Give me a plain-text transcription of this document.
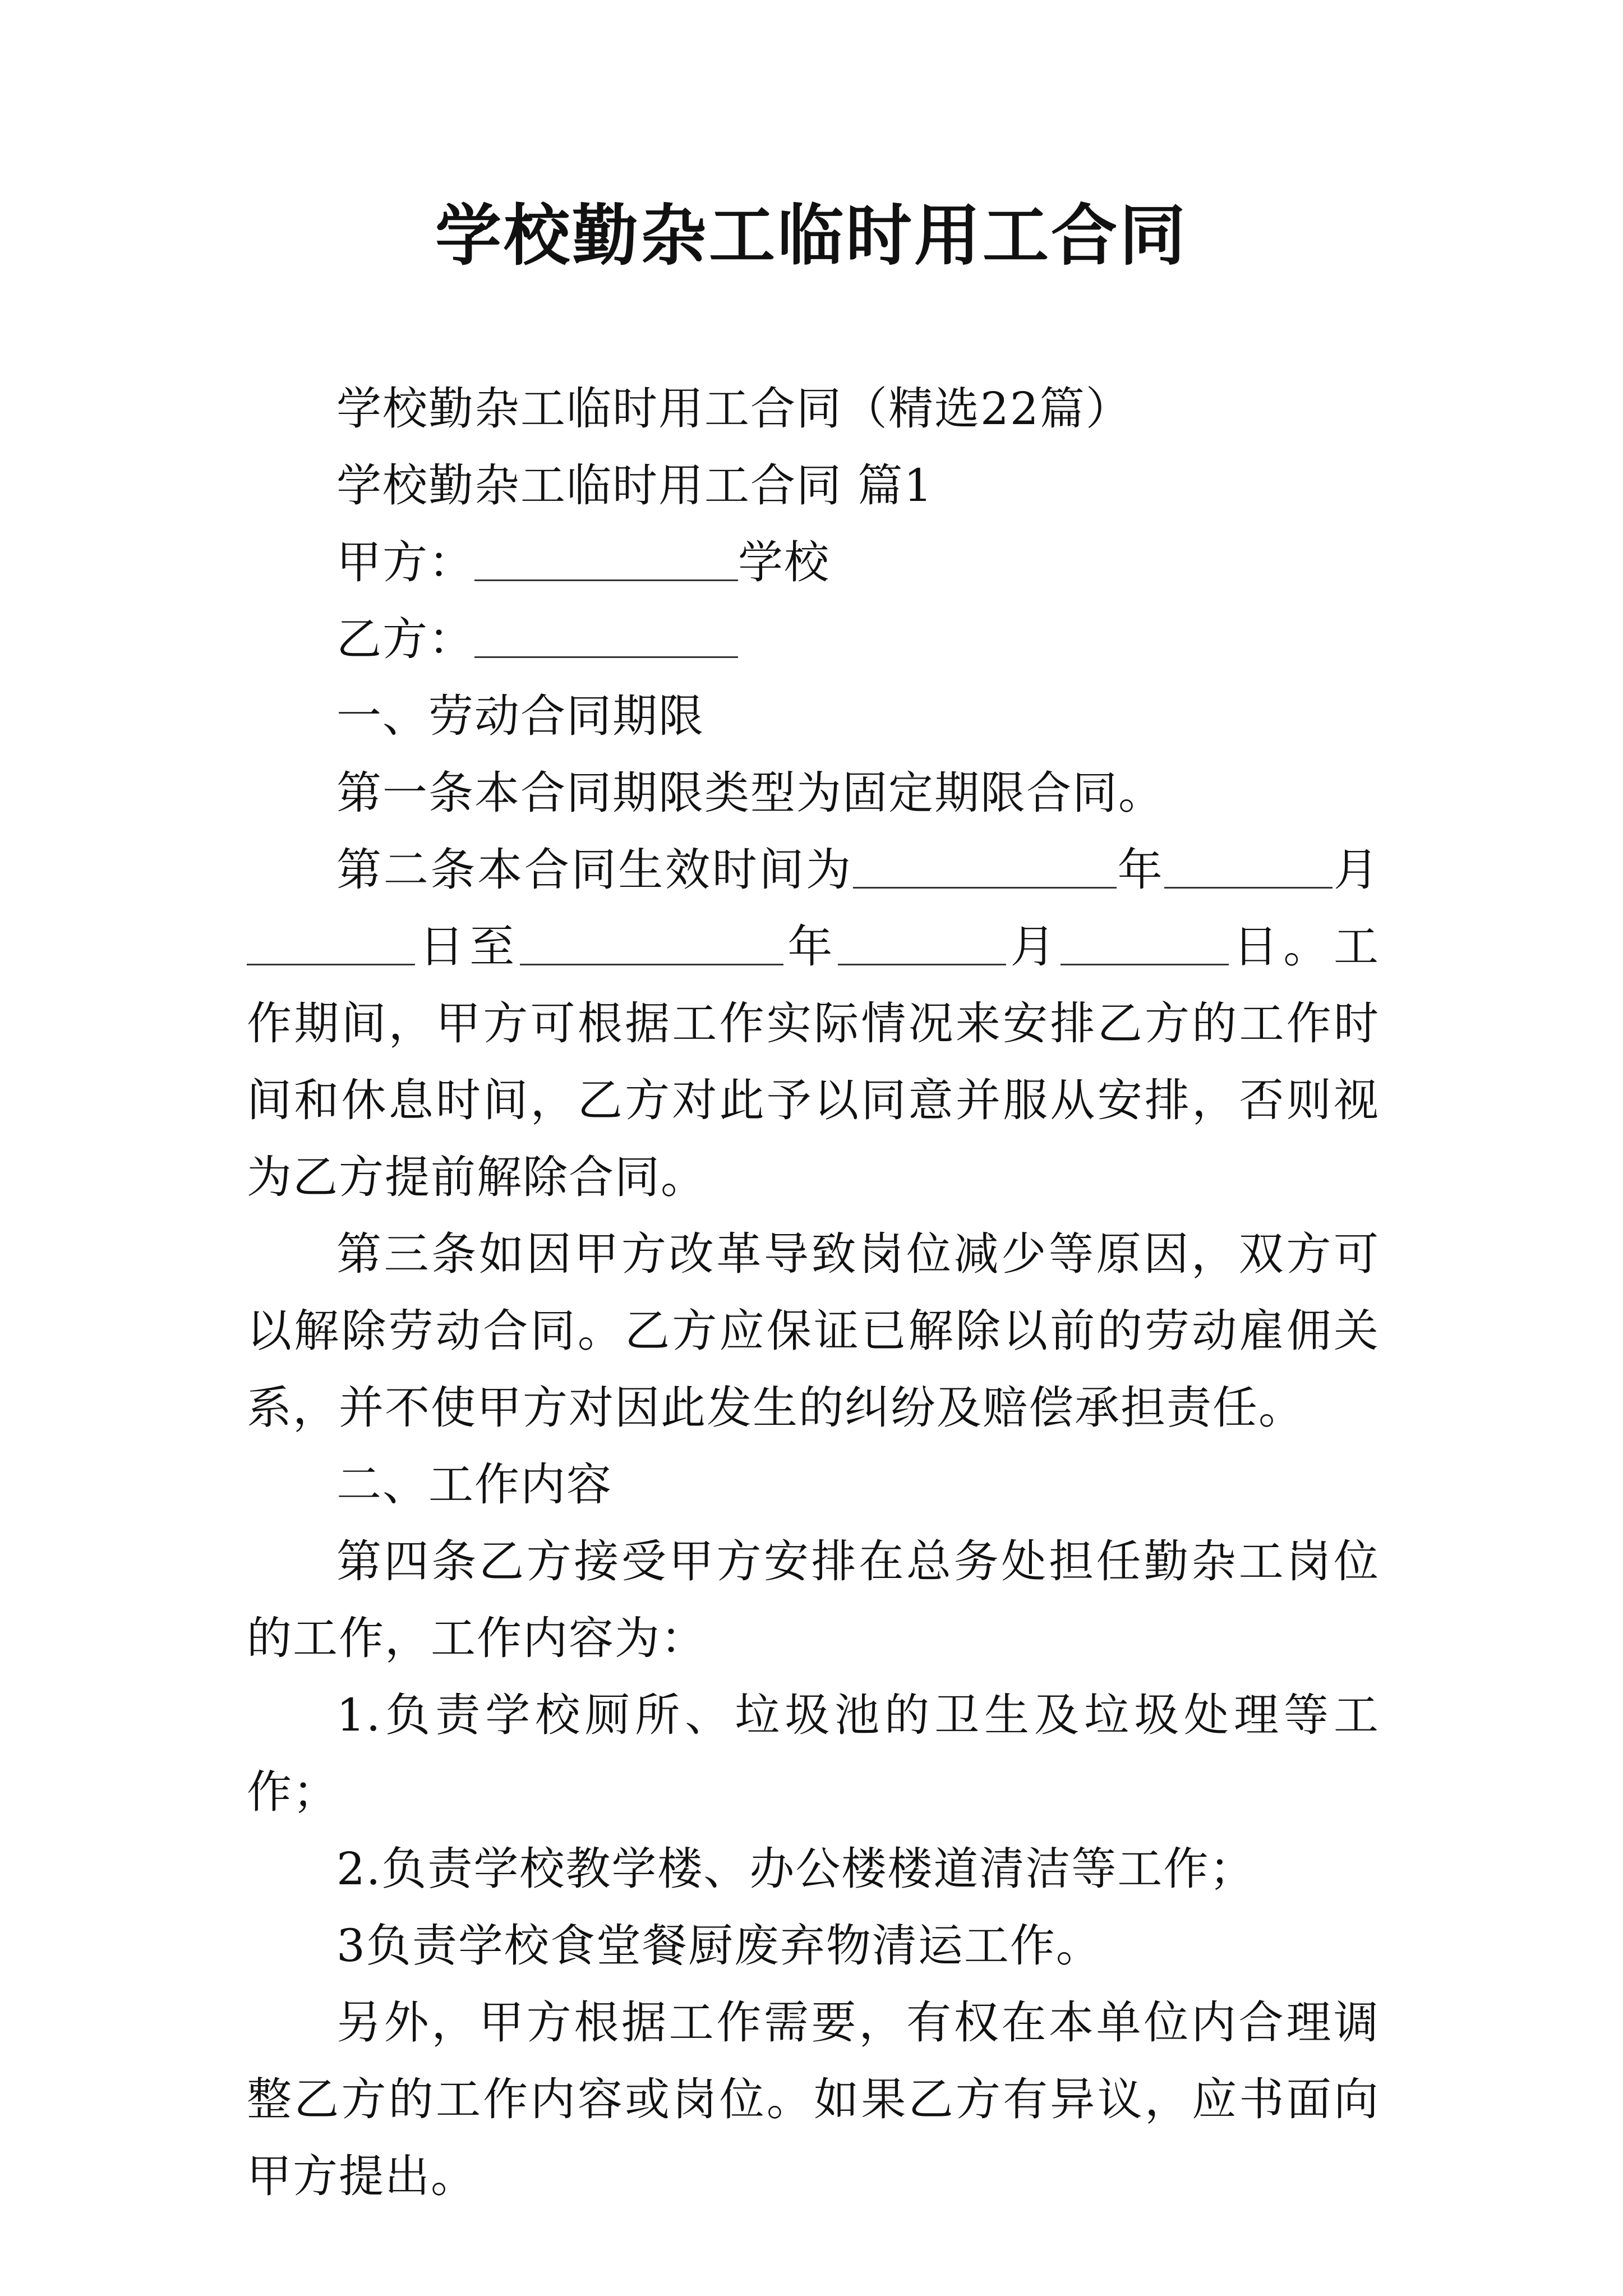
学校勤杂工临时用工合同

学校勤杂工临时用工合同（精选22篇）

学校勤杂工临时用工合同 篇1

甲方：	学校

乙方：

一、劳动合同期限

第一条本合同期限类型为固定期限合同。

第二条本合同生效时间为	年	月日至	年	月	日。工作期间，甲方可根据工作实际情况来安排乙方的工作时间和休息时间，乙方对此予以同意并服从安排，否则视为乙方提前解除合同。

第三条如因甲方改革导致岗位减少等原因，双方可以解除劳动合同。乙方应保证已解除以前的劳动雇佣关系，并不使甲方对因此发生的纠纷及赔偿承担责任。

二、工作内容

第四条乙方接受甲方安排在总务处担任勤杂工岗位的工作，工作内容为：

1.负责学校厕所、垃圾池的卫生及垃圾处理等工作；

2.负责学校教学楼、办公楼楼道清洁等工作；

3负责学校食堂餐厨废弃物清运工作。

另外，甲方根据工作需要，有权在本单位内合理调整乙方的工作内容或岗位。如果乙方有异议，应书面向甲方提出。
